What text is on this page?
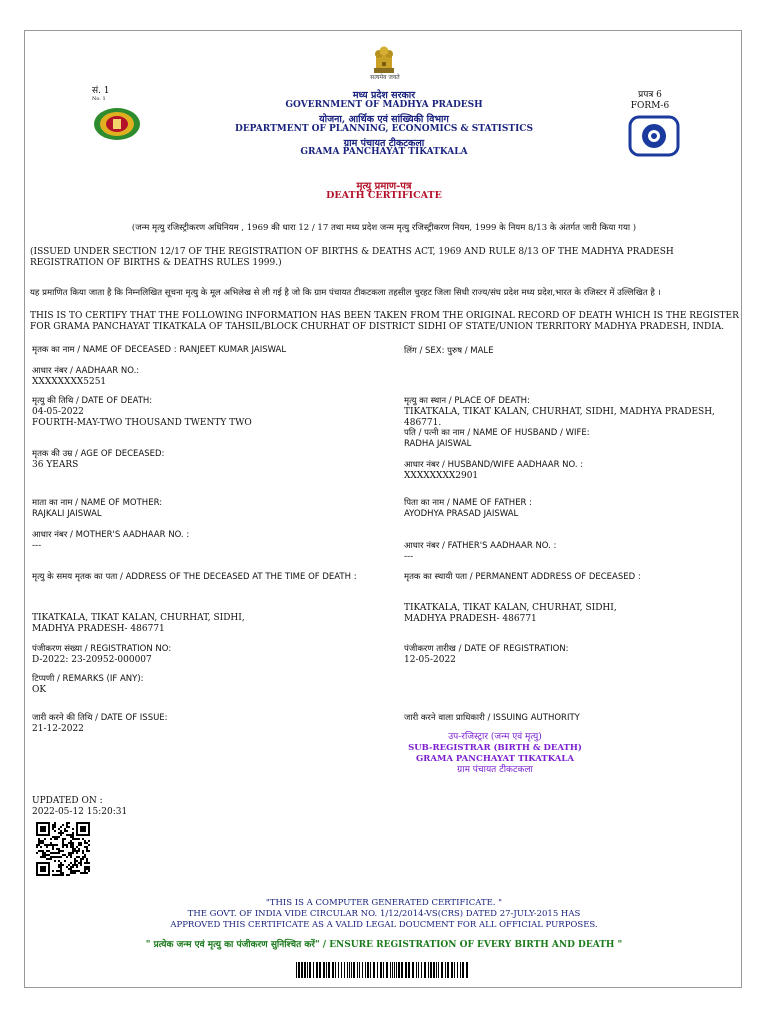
सत्यमेव जयते
सं. 1
No. 1	प्रपत्र 6
FORM-6
मध्य प्रदेश सरकार
GOVERNMENT OF MADHYA PRADESH
योजना, आर्थिक एवं सांख्यिकी विभाग
DEPARTMENT OF PLANNING, ECONOMICS & STATISTICS
ग्राम पंचायत टीकटकला
GRAMA PANCHAYAT TIKATKALA
मृत्यु प्रमाण-पत्र
DEATH CERTIFICATE
(जन्म मृत्यु रजिस्ट्रीकरण अधिनियम , 1969 की धारा 12 / 17 तथा मध्य प्रदेश जन्म मृत्यु रजिस्ट्रीकरण नियम, 1999 के नियम 8/13 के अंतर्गत जारी किया गया )
(ISSUED UNDER SECTION 12/17 OF THE REGISTRATION OF BIRTHS & DEATHS ACT, 1969 AND RULE 8/13 OF THE MADHYA PRADESH REGISTRATION OF BIRTHS & DEATHS RULES 1999.)
यह प्रमाणित किया जाता है कि निम्नलिखित सूचना मृत्यु के मूल अभिलेख से ली गई है जो कि ग्राम पंचायत टीकटकला तहसील चुरहट जिला सिधी राज्य/संघ प्रदेश मध्य प्रदेश,भारत के रजिस्टर में उल्लिखित है ।
THIS IS TO CERTIFY THAT THE FOLLOWING INFORMATION HAS BEEN TAKEN FROM THE ORIGINAL RECORD OF DEATH WHICH IS THE REGISTER FOR GRAMA PANCHAYAT TIKATKALA OF TAHSIL/BLOCK CHURHAT OF DISTRICT SIDHI OF STATE/UNION TERRITORY MADHYA PRADESH, INDIA.
मृतक का नाम / NAME OF DECEASED : RANJEET KUMAR JAISWAL	लिंग / SEX: पुरुष / MALE
आधार नंबर / AADHAAR NO.:
XXXXXXXX5251
मृत्यु की तिथि / DATE OF DEATH:
04-05-2022
FOURTH-MAY-TWO THOUSAND TWENTY TWO
मृत्यु का स्थान / PLACE OF DEATH:
TIKATKALA, TIKAT KALAN, CHURHAT, SIDHI, MADHYA PRADESH, 486771.
पति / पत्नी का नाम / NAME OF HUSBAND / WIFE:
RADHA JAISWAL
मृतक की उम्र / AGE OF DECEASED:
36 YEARS	आधार नंबर / HUSBAND/WIFE AADHAAR NO. :
XXXXXXXX2901
माता का नाम / NAME OF MOTHER:
RAJKALI JAISWAL
पिता का नाम / NAME OF FATHER :
AYODHYA PRASAD JAISWAL
आधार नंबर / MOTHER'S AADHAAR NO. :
---	आधार नंबर / FATHER'S AADHAAR NO. :
---
मृत्यु के समय मृतक का पता / ADDRESS OF THE DECEASED AT THE TIME OF DEATH :
TIKATKALA, TIKAT KALAN, CHURHAT, SIDHI,
MADHYA PRADESH- 486771
मृतक का स्थायी पता / PERMANENT ADDRESS OF DECEASED :
TIKATKALA, TIKAT KALAN, CHURHAT, SIDHI,
MADHYA PRADESH- 486771
पंजीकरण संख्या / REGISTRATION NO:
D-2022: 23-20952-000007
पंजीकरण तारीख / DATE OF REGISTRATION:
12-05-2022
टिप्पणी / REMARKS (IF ANY):
OK
जारी करने की तिथि / DATE OF ISSUE:
21-12-2022
जारी करने वाला प्राधिकारी / ISSUING AUTHORITY
उप-रजिस्ट्रार (जन्म एवं मृत्यु)
SUB-REGISTRAR (BIRTH & DEATH)
GRAMA PANCHAYAT TIKATKALA
ग्राम पंचायत टीकटकला
UPDATED ON :
2022-05-12 15:20:31
"THIS IS A COMPUTER GENERATED CERTIFICATE. "
THE GOVT. OF INDIA VIDE CIRCULAR NO. 1/12/2014-VS(CRS) DATED 27-JULY-2015 HAS
APPROVED THIS CERTIFICATE AS A VALID LEGAL DOUCMENT FOR ALL OFFICIAL PURPOSES.
" प्रत्येक जन्म एवं मृत्यु का पंजीकरण सुनिश्चित करें" / ENSURE REGISTRATION OF EVERY BIRTH AND DEATH "
